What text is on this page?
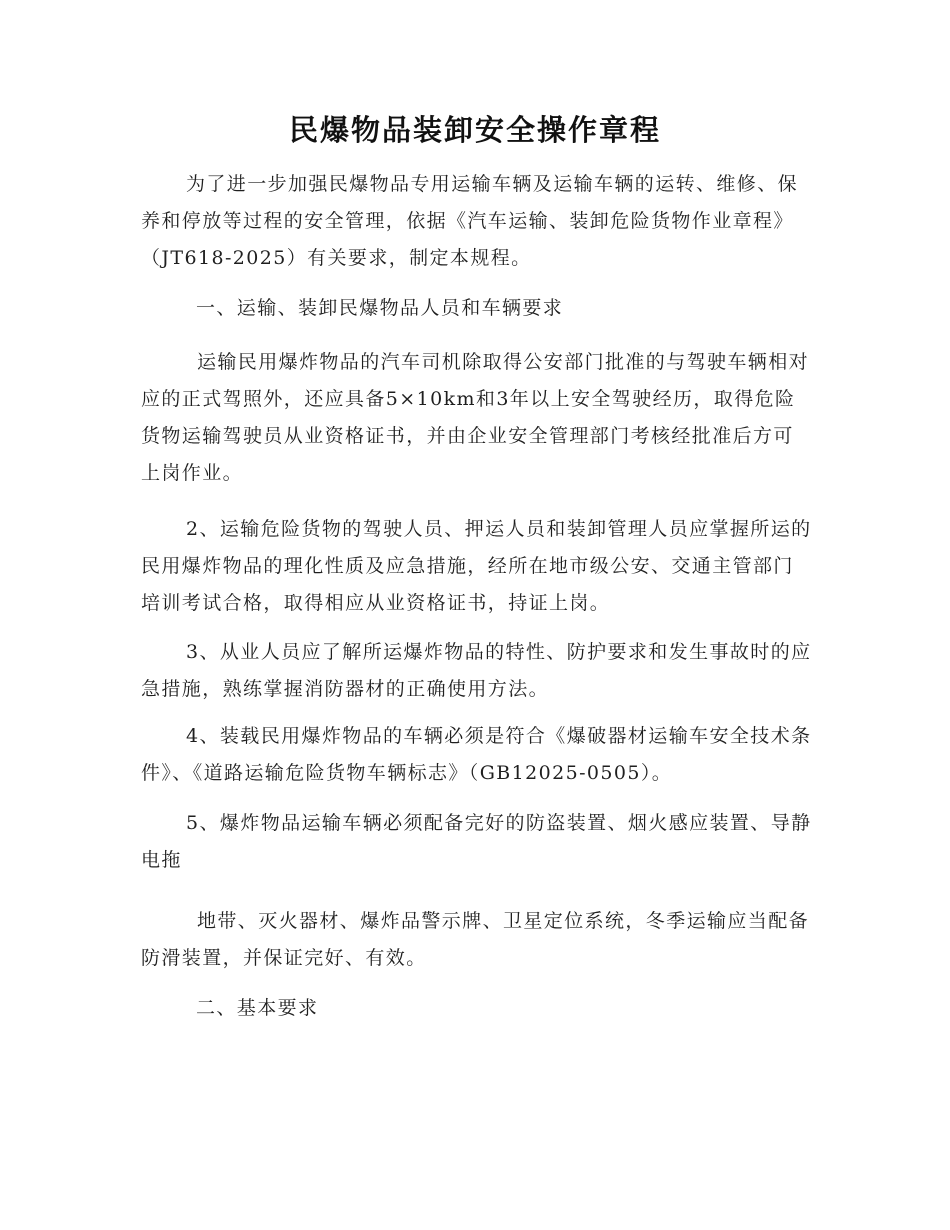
民爆物品装卸安全操作章程

为了进一步加强民爆物品专用运输车辆及运输车辆的运转、维修、保养和停放等过程的安全管理，依据《汽车运输、装卸危险货物作业章程》（JT618-2025）有关要求，制定本规程。

一、运输、装卸民爆物品人员和车辆要求

运输民用爆炸物品的汽车司机除取得公安部门批准的与驾驶车辆相对应的正式驾照外，还应具备5×10km和3年以上安全驾驶经历，取得危险货物运输驾驶员从业资格证书，并由企业安全管理部门考核经批准后方可上岗作业。

2、运输危险货物的驾驶人员、押运人员和装卸管理人员应掌握所运的民用爆炸物品的理化性质及应急措施，经所在地市级公安、交通主管部门培训考试合格，取得相应从业资格证书，持证上岗。

3、从业人员应了解所运爆炸物品的特性、防护要求和发生事故时的应急措施，熟练掌握消防器材的正确使用方法。

4、装载民用爆炸物品的车辆必须是符合《爆破器材运输车安全技术条件》、《道路运输危险货物车辆标志》（GB12025-0505）。

5、爆炸物品运输车辆必须配备完好的防盗装置、烟火感应装置、导静电拖

地带、灭火器材、爆炸品警示牌、卫星定位系统，冬季运输应当配备防滑装置，并保证完好、有效。

二、基本要求
